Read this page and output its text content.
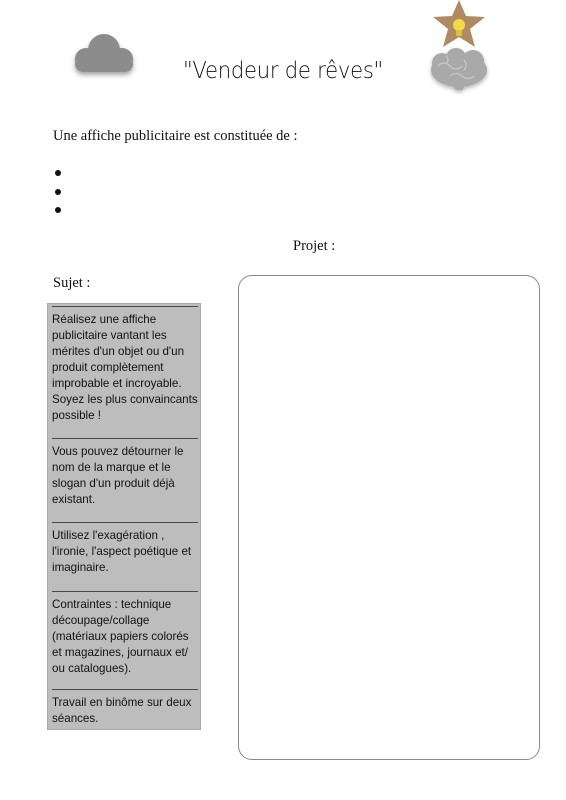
"Vendeur de rêves"
Une affiche publicitaire est constituée de :
Projet :
Sujet :
Réalisez une affiche publicitaire vantant les mérites d'un objet ou d'un produit complètement improbable et incroyable. Soyez les plus convaincants possible !
Vous pouvez détourner le nom de la marque et le slogan d'un produit déjà existant.
Utilisez l'exagération , l'ironie, l'aspect poétique et imaginaire.
Contraintes : technique découpage/collage (matériaux papiers colorés et magazines, journaux et/ ou catalogues).
Travail en binôme sur deux séances.
